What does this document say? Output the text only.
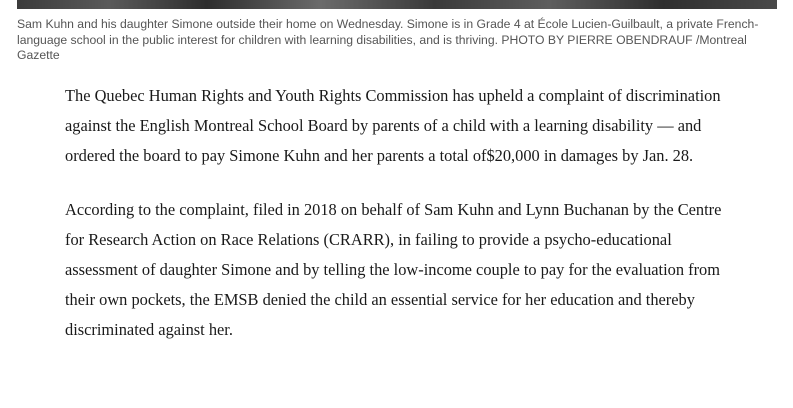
Sam Kuhn and his daughter Simone outside their home on Wednesday. Simone is in Grade 4 at École Lucien-Guilbault, a private French-language school in the public interest for children with learning disabilities, and is thriving. PHOTO BY PIERRE OBENDRAUF /Montreal Gazette

The Quebec Human Rights and Youth Rights Commission has upheld a complaint of discrimination against the English Montreal School Board by parents of a child with a learning disability — and ordered the board to pay Simone Kuhn and her parents a total of$20,000 in damages by Jan. 28.

According to the complaint, filed in 2018 on behalf of Sam Kuhn and Lynn Buchanan by the Centre for Research Action on Race Relations (CRARR), in failing to provide a psycho-educational assessment of daughter Simone and by telling the low-income couple to pay for the evaluation from their own pockets, the EMSB denied the child an essential service for her education and thereby discriminated against her.
